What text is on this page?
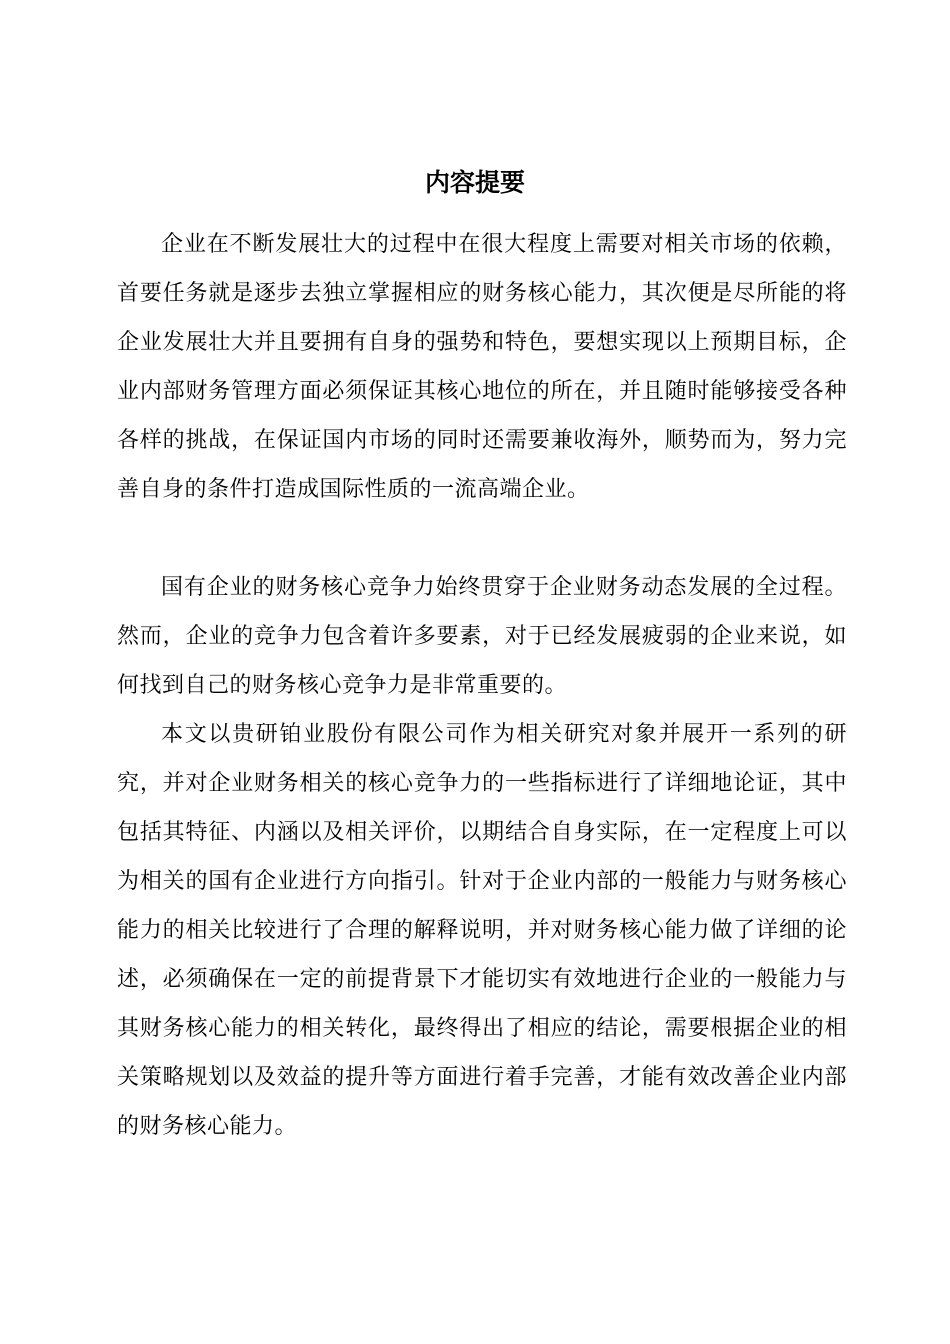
内容提要

企业在不断发展壮大的过程中在很大程度上需要对相关市场的依赖，首要任务就是逐步去独立掌握相应的财务核心能力，其次便是尽所能的将企业发展壮大并且要拥有自身的强势和特色，要想实现以上预期目标，企业内部财务管理方面必须保证其核心地位的所在，并且随时能够接受各种各样的挑战，在保证国内市场的同时还需要兼收海外，顺势而为，努力完善自身的条件打造成国际性质的一流高端企业。

国有企业的财务核心竞争力始终贯穿于企业财务动态发展的全过程。然而，企业的竞争力包含着许多要素，对于已经发展疲弱的企业来说，如何找到自己的财务核心竞争力是非常重要的。

本文以贵研铂业股份有限公司作为相关研究对象并展开一系列的研究，并对企业财务相关的核心竞争力的一些指标进行了详细地论证，其中包括其特征、内涵以及相关评价，以期结合自身实际，在一定程度上可以为相关的国有企业进行方向指引。针对于企业内部的一般能力与财务核心能力的相关比较进行了合理的解释说明，并对财务核心能力做了详细的论述，必须确保在一定的前提背景下才能切实有效地进行企业的一般能力与其财务核心能力的相关转化，最终得出了相应的结论，需要根据企业的相关策略规划以及效益的提升等方面进行着手完善，才能有效改善企业内部的财务核心能力。
